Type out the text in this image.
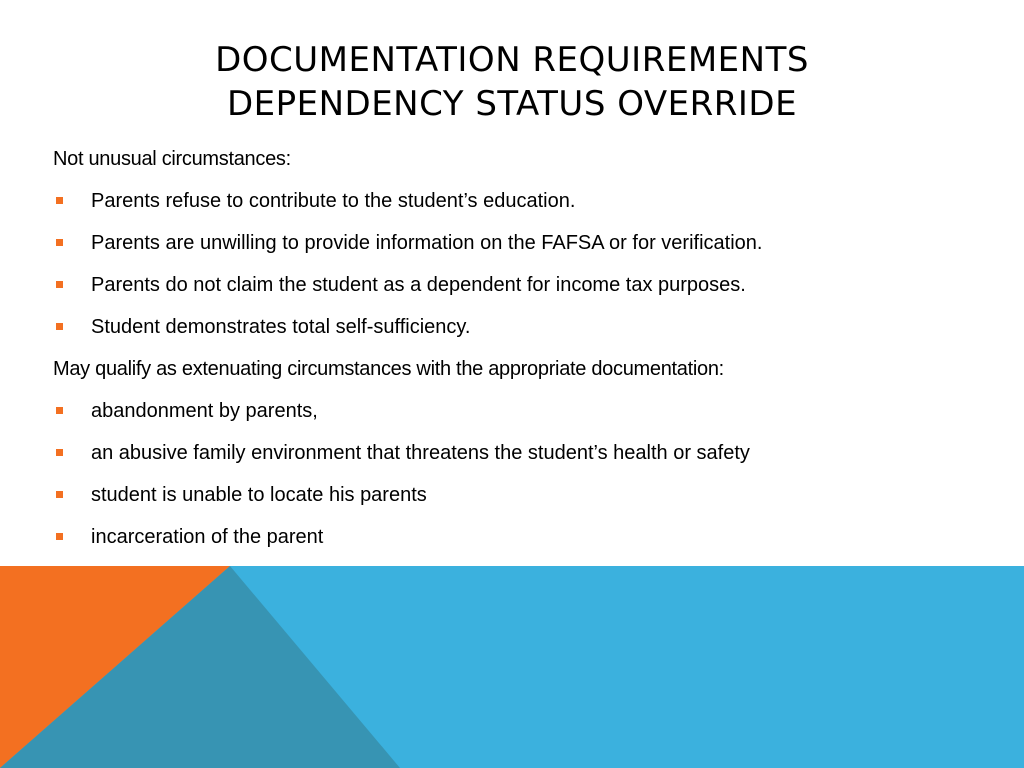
DOCUMENTATION REQUIREMENTS
DEPENDENCY STATUS OVERRIDE
Not unusual circumstances:
Parents refuse to contribute to the student’s education.
Parents are unwilling to provide information on the FAFSA or for verification.
Parents do not claim the student as a dependent for income tax purposes.
Student demonstrates total self-sufficiency.
May qualify as extenuating circumstances with the appropriate documentation:
abandonment by parents,
an abusive family environment that threatens the student’s health or safety
student is unable to locate his parents
incarceration of the parent
